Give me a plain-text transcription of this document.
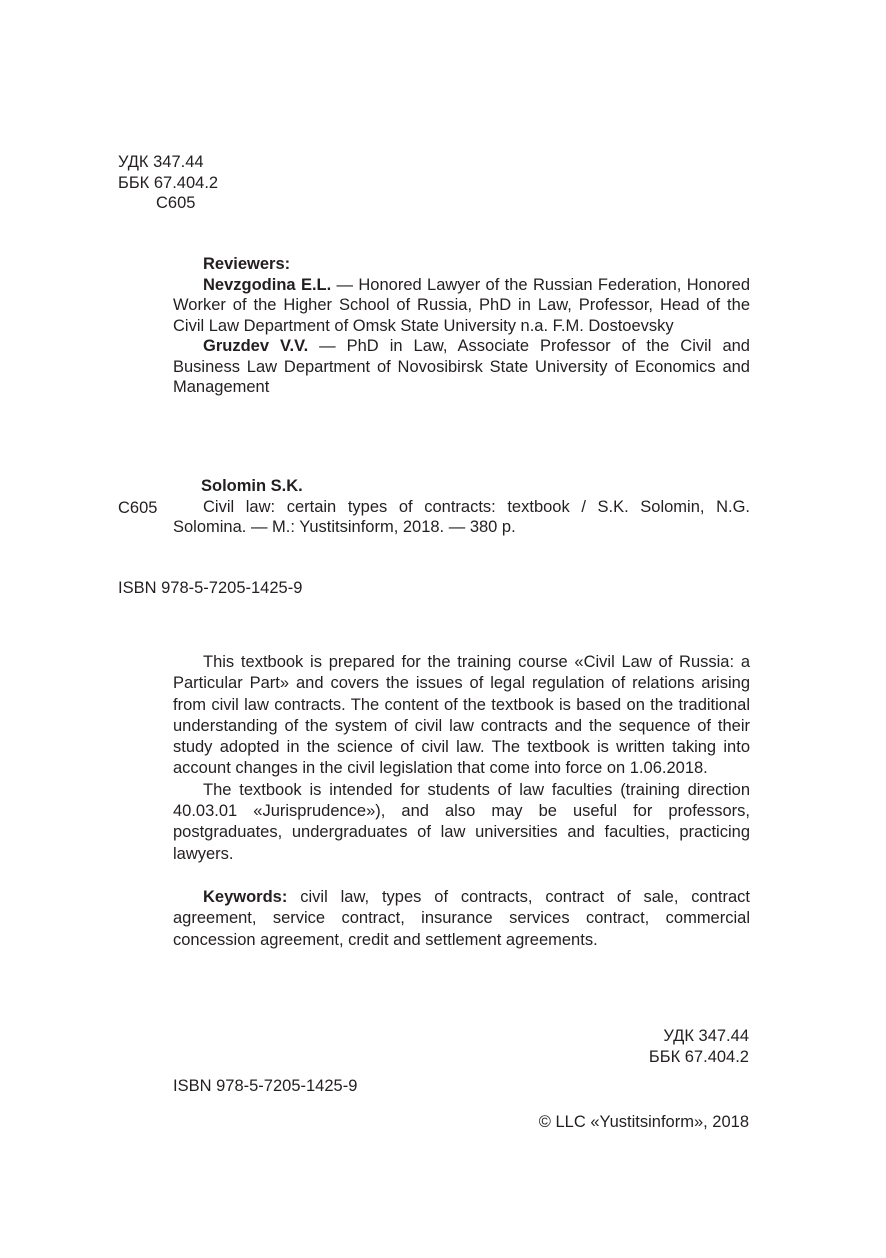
УДК 347.44
ББК 67.404.2
С605
Reviewers:
Nevzgodina E.L. — Honored Lawyer of the Russian Federation, Honored Worker of the Higher School of Russia, PhD in Law, Professor, Head of the Civil Law Department of Omsk State University n.a. F.M. Dostoevsky
Gruzdev V.V. — PhD in Law, Associate Professor of the Civil and Business Law Department of Novosibirsk State University of Economics and Management
С605
Solomin S.K.
Civil law: certain types of contracts: textbook / S.K. Solomin, N.G. Solomina. — M.: Yustitsinform, 2018. — 380 p.
ISBN 978-5-7205-1425-9
This textbook is prepared for the training course «Civil Law of Russia: a Particular Part» and covers the issues of legal regulation of relations arising from civil law contracts. The content of the textbook is based on the traditional understanding of the system of civil law contracts and the sequence of their study adopted in the science of civil law. The textbook is written taking into account changes in the civil legislation that come into force on 1.06.2018.
The textbook is intended for students of law faculties (training direction 40.03.01 «Jurisprudence»), and also may be useful for professors, postgraduates, undergraduates of law universities and faculties, practicing lawyers.
Keywords: civil law, types of contracts, contract of sale, contract agreement, service contract, insurance services contract, commercial concession agreement, credit and settlement agreements.
УДК 347.44
ББК 67.404.2
ISBN 978-5-7205-1425-9
© LLC «Yustitsinform», 2018
